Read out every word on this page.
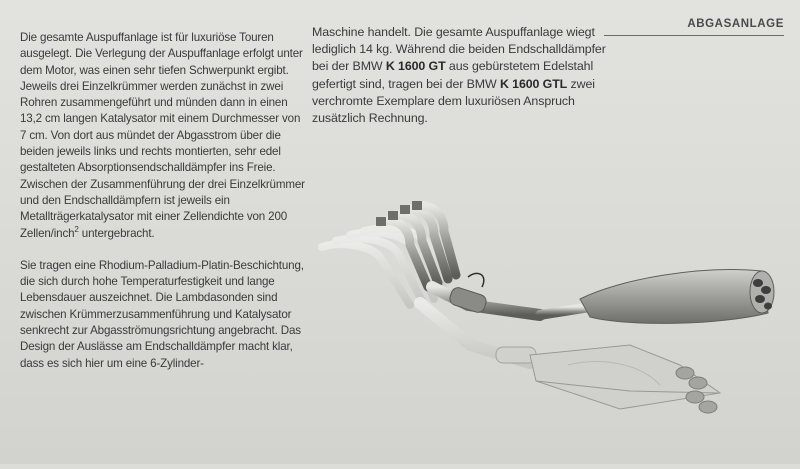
ABGASANLAGE

Die gesamte Auspuffanlage ist für luxuriöse Touren ausgelegt. Die Verlegung der Auspuffanlage erfolgt unter dem Motor, was einen sehr tiefen Schwerpunkt ergibt. Jeweils drei Einzelkrümmer werden zunächst in zwei Rohren zusammengeführt und münden dann in einen 13,2 cm langen Katalysator mit einem Durchmesser von 7 cm. Von dort aus mündet der Abgasstrom über die beiden jeweils links und rechts montierten, sehr edel gestalteten Absorptionsendschalldämpfer ins Freie. Zwischen der Zusammenführung der drei Einzelkrümmer und den Endschalldämpfern ist jeweils ein Metallträgerkatalysator mit einer Zellendichte von 200 Zellen/inch$^2$ untergebracht.

Sie tragen eine Rhodium-Palladium-Platin-Beschichtung, die sich durch hohe Temperaturfestigkeit und lange Lebensdauer auszeichnet. Die Lambdasonden sind zwischen Krümmerzusammenführung und Katalysator senkrecht zur Abgasströmungsrichtung angebracht. Das Design der Auslässe am Endschalldämpfer macht klar, dass es sich hier um eine 6-Zylinder-

Maschine handelt. Die gesamte Auspuffanlage wiegt lediglich 14 kg. Während die beiden Endschalldämpfer bei der BMW K 1600 GT aus gebürstetem Edelstahl gefertigt sind, tragen bei der BMW K 1600 GTL zwei verchromte Exemplare dem luxuriösen Anspruch zusätzlich Rechnung.
